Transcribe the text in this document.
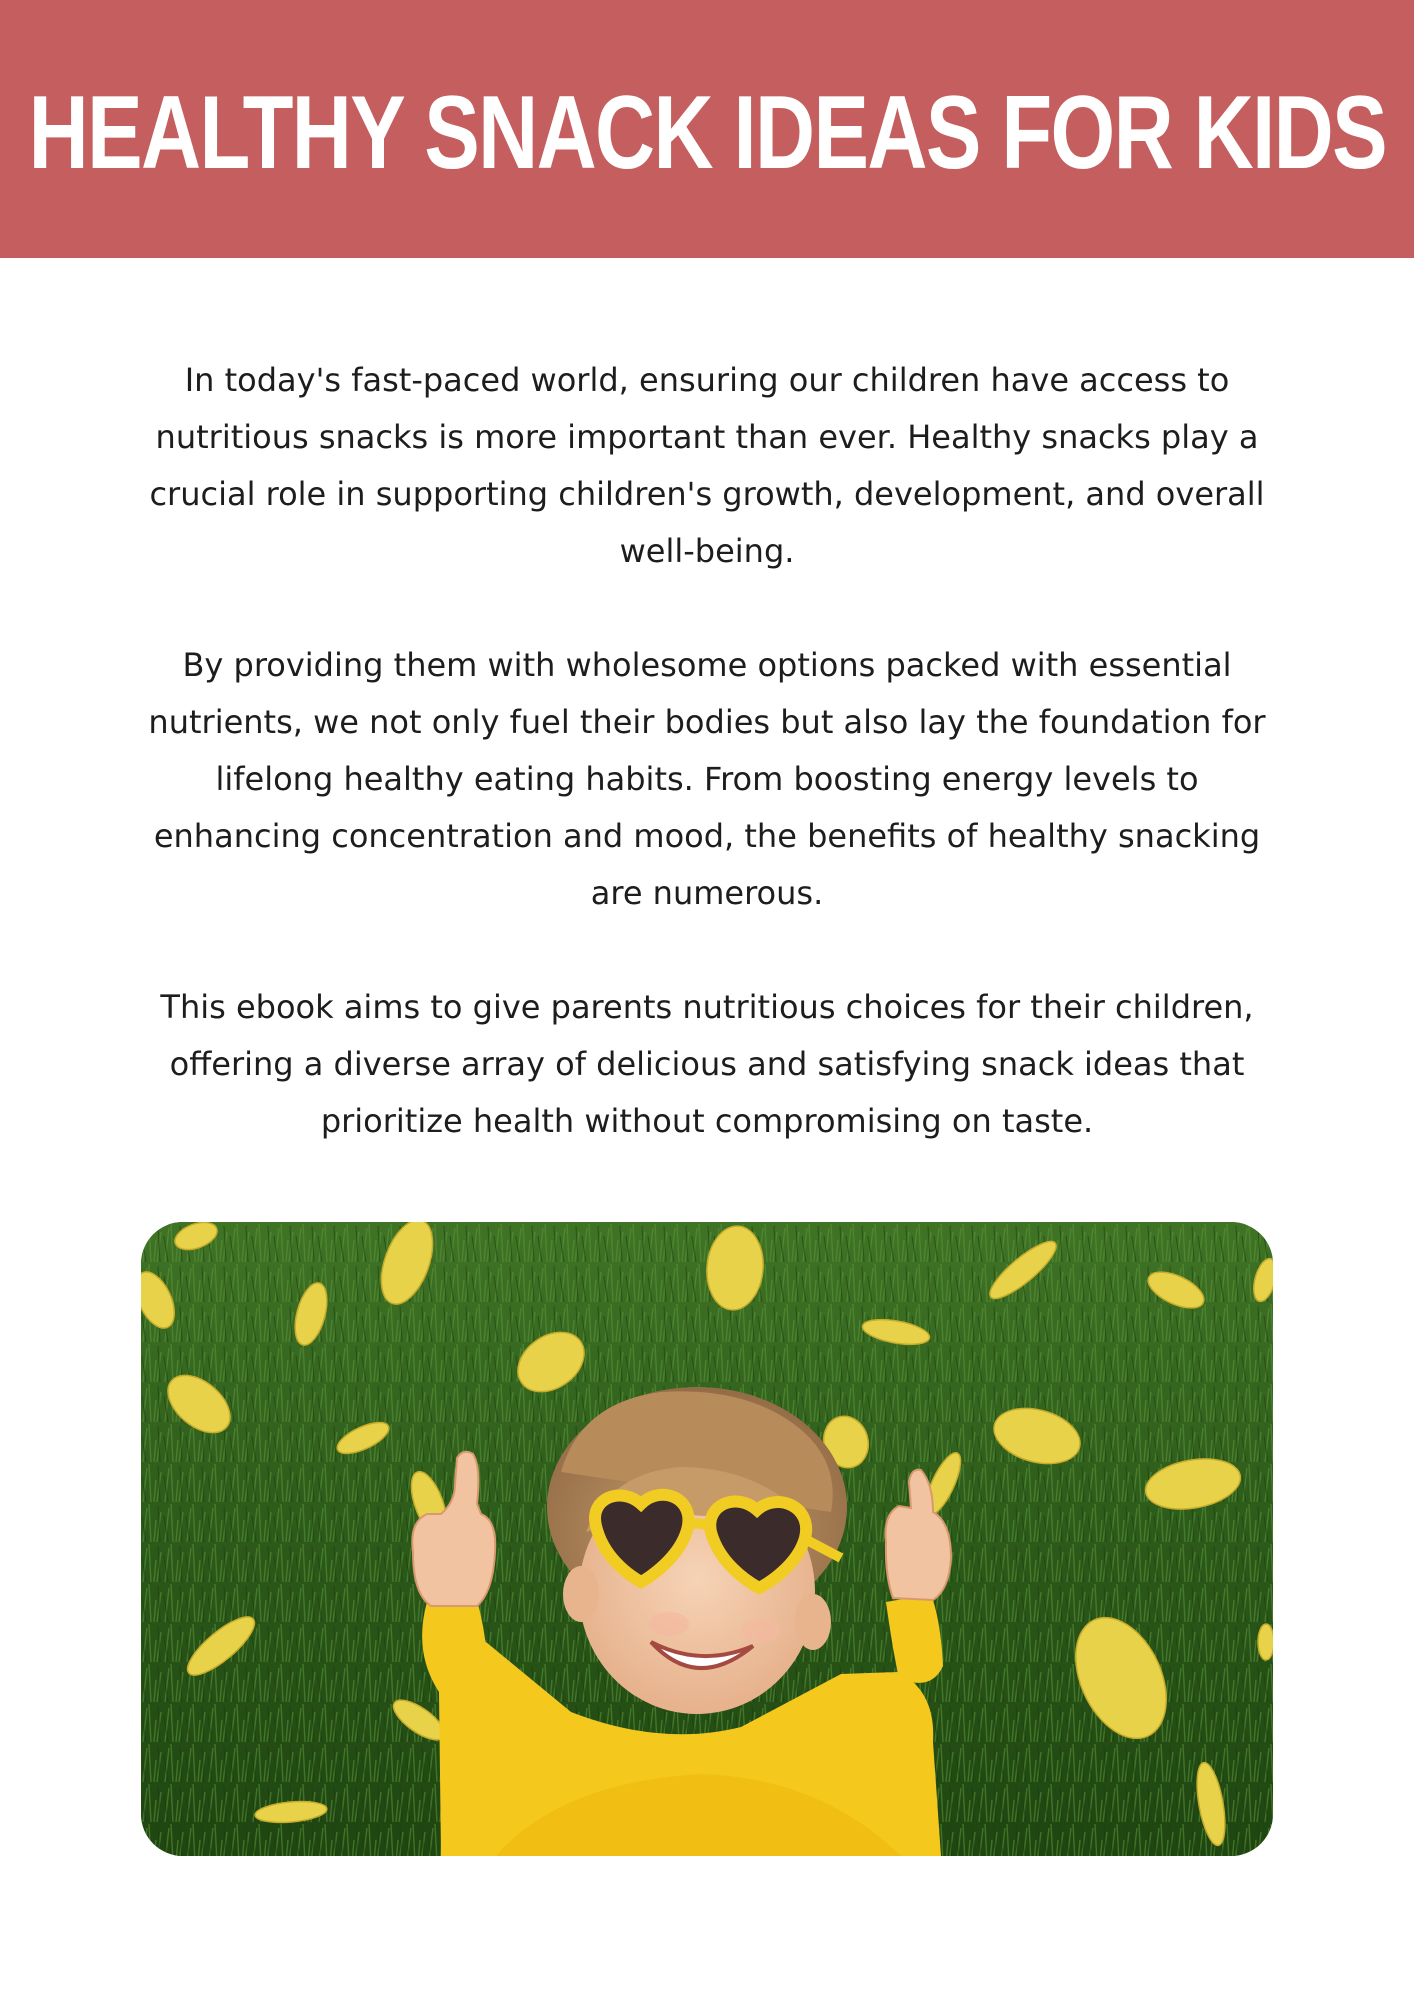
HEALTHY SNACK IDEAS FOR KIDS

In today's fast-paced world, ensuring our children have access to nutritious snacks is more important than ever. Healthy snacks play a crucial role in supporting children's growth, development, and overall well-being.

By providing them with wholesome options packed with essential nutrients, we not only fuel their bodies but also lay the foundation for lifelong healthy eating habits. From boosting energy levels to enhancing concentration and mood, the benefits of healthy snacking are numerous.

This ebook aims to give parents nutritious choices for their children, offering a diverse array of delicious and satisfying snack ideas that prioritize health without compromising on taste.
